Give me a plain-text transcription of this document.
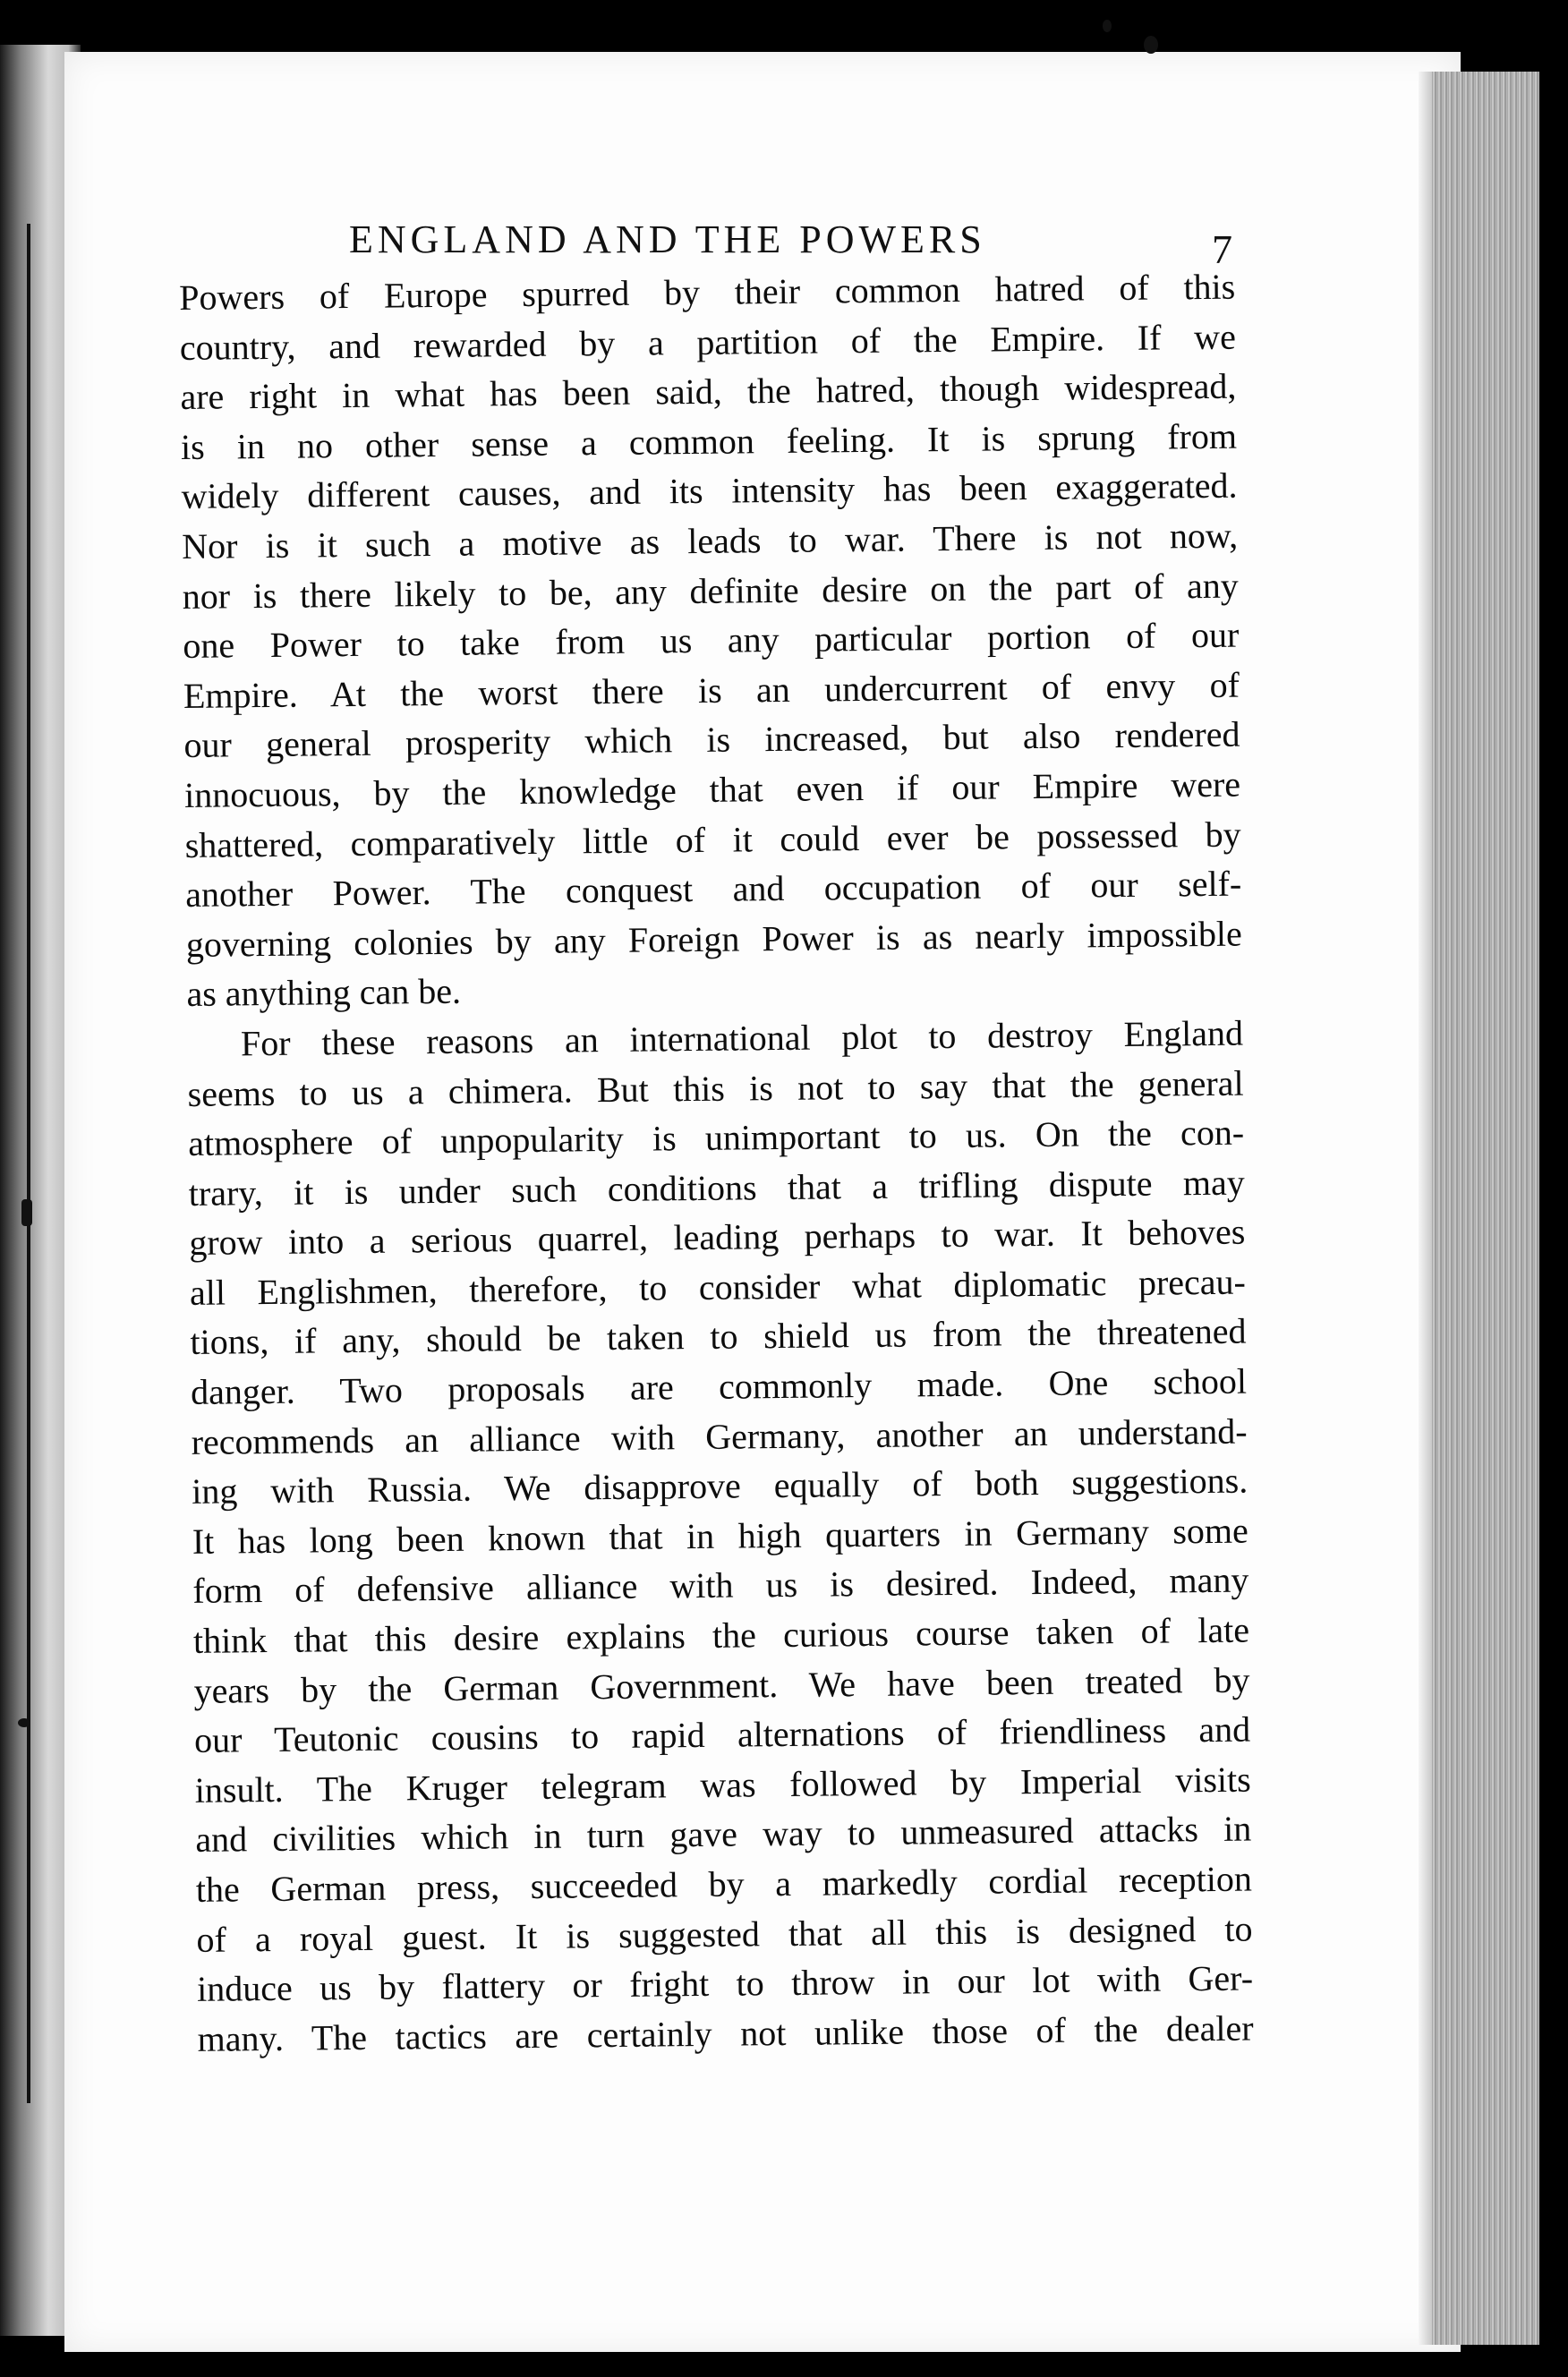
ENGLAND AND THE POWERS	7

Powers of Europe spurred by their common hatred of this
country, and rewarded by a partition of the Empire. If we
are right in what has been said, the hatred, though widespread,
is in no other sense a common feeling. It is sprung from
widely different causes, and its intensity has been exaggerated.
Nor is it such a motive as leads to war. There is not now,
nor is there likely to be, any definite desire on the part of any
one Power to take from us any particular portion of our
Empire. At the worst there is an undercurrent of envy of
our general prosperity which is increased, but also rendered
innocuous, by the knowledge that even if our Empire were
shattered, comparatively little of it could ever be possessed by
another Power. The conquest and occupation of our self-
governing colonies by any Foreign Power is as nearly impossible
as anything can be.

For these reasons an international plot to destroy England
seems to us a chimera. But this is not to say that the general
atmosphere of unpopularity is unimportant to us. On the con-
trary, it is under such conditions that a trifling dispute may
grow into a serious quarrel, leading perhaps to war. It behoves
all Englishmen, therefore, to consider what diplomatic precau-
tions, if any, should be taken to shield us from the threatened
danger. Two proposals are commonly made. One school
recommends an alliance with Germany, another an understand-
ing with Russia. We disapprove equally of both suggestions.
It has long been known that in high quarters in Germany some
form of defensive alliance with us is desired. Indeed, many
think that this desire explains the curious course taken of late
years by the German Government. We have been treated by
our Teutonic cousins to rapid alternations of friendliness and
insult. The Kruger telegram was followed by Imperial visits
and civilities which in turn gave way to unmeasured attacks in
the German press, succeeded by a markedly cordial reception
of a royal guest. It is suggested that all this is designed to
induce us by flattery or fright to throw in our lot with Ger-
many. The tactics are certainly not unlike those of the dealer
